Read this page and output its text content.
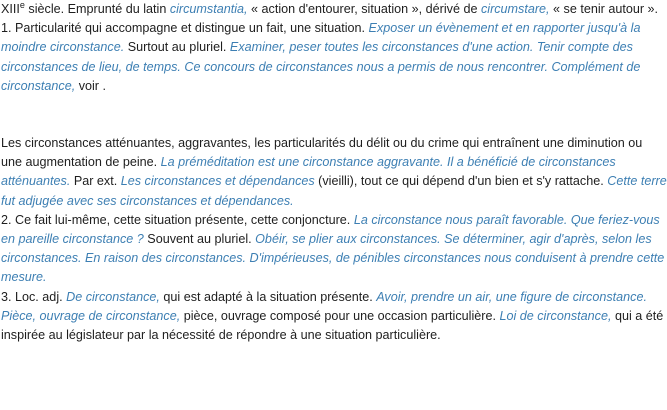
XIIIe siècle. Emprunté du latin circumstantia, « action d'entourer, situation », dérivé de circumstare, « se tenir autour ».
1. Particularité qui accompagne et distingue un fait, une situation. Exposer un évènement et en rapporter jusqu'à la
moindre circonstance. Surtout au pluriel. Examiner, peser toutes les circonstances d'une action. Tenir compte des
circonstances de lieu, de temps. Ce concours de circonstances nous a permis de nous rencontrer. Complément de
circonstance, voir .
Les circonstances atténuantes, aggravantes, les particularités du délit ou du crime qui entraînent une diminution ou
une augmentation de peine. La préméditation est une circonstance aggravante. Il a bénéficié de circonstances
atténuantes. Par ext. Les circonstances et dépendances (vieilli), tout ce qui dépend d'un bien et s'y rattache. Cette terre
fut adjugée avec ses circonstances et dépendances.
2. Ce fait lui-même, cette situation présente, cette conjoncture. La circonstance nous paraît favorable. Que feriez-vous
en pareille circonstance ? Souvent au pluriel. Obéir, se plier aux circonstances. Se déterminer, agir d'après, selon les
circonstances. En raison des circonstances. D'impérieuses, de pénibles circonstances nous conduisent à prendre cette
mesure.
3. Loc. adj. De circonstance, qui est adapté à la situation présente. Avoir, prendre un air, une figure de circonstance.
Pièce, ouvrage de circonstance, pièce, ouvrage composé pour une occasion particulière. Loi de circonstance, qui a été
inspirée au législateur par la nécessité de répondre à une situation particulière.
